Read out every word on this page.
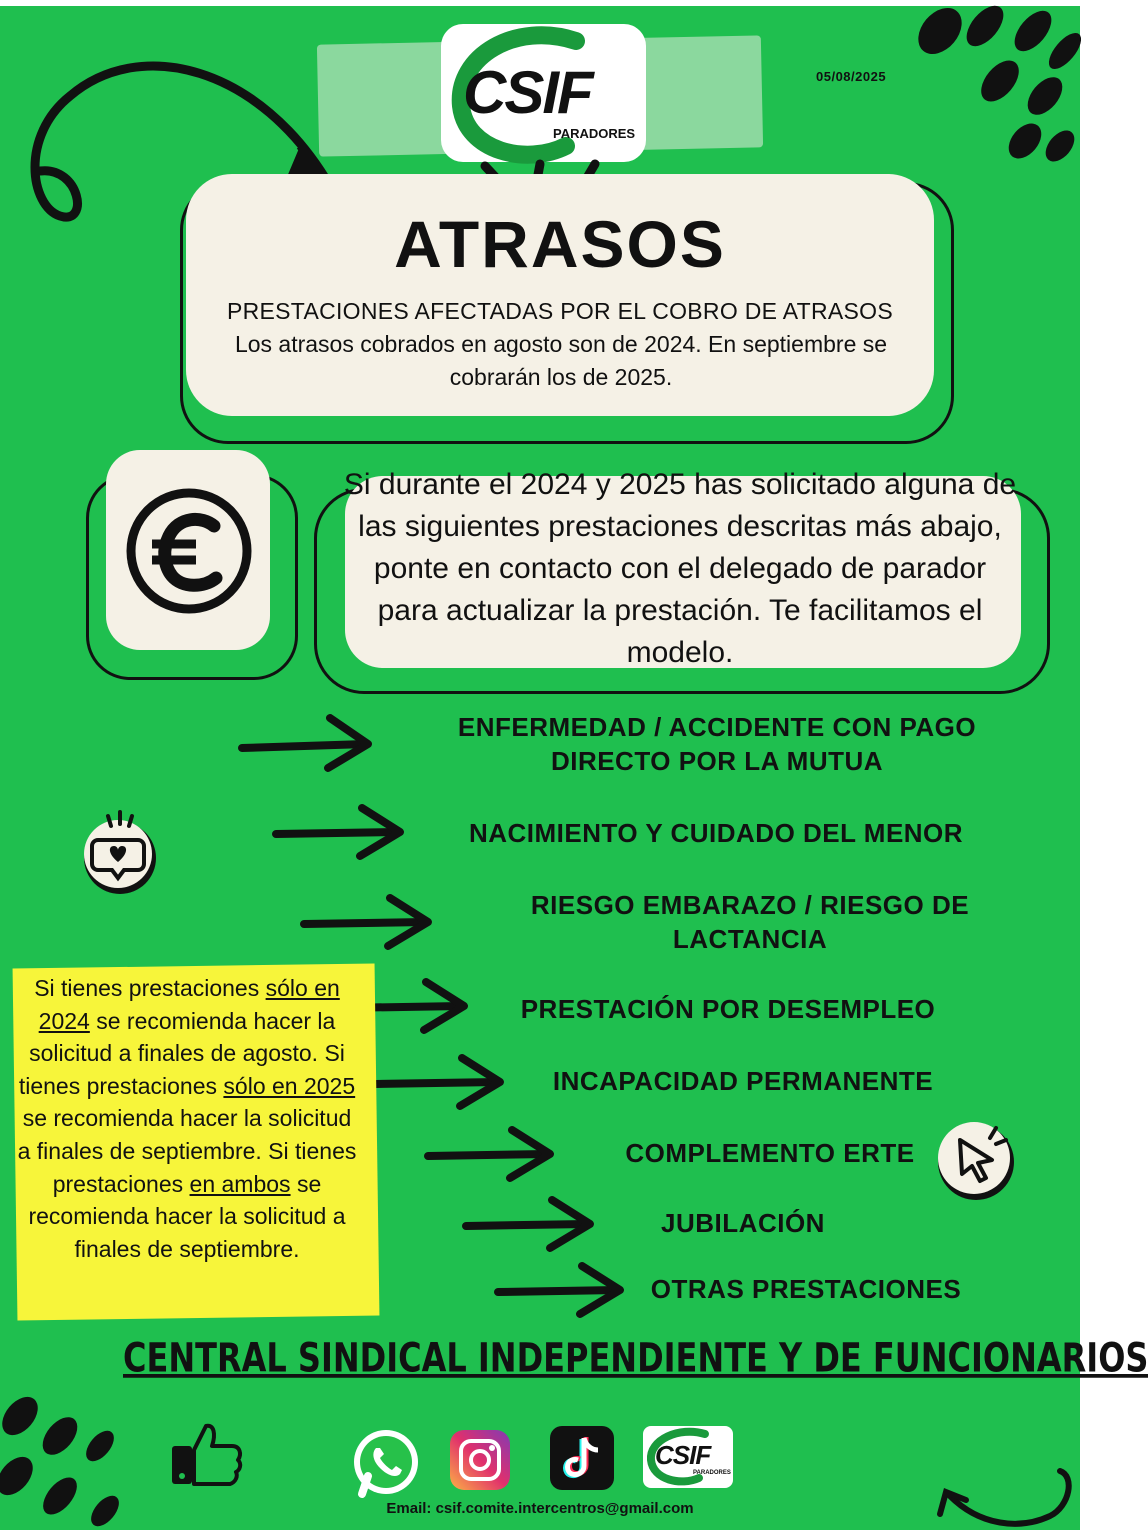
CSIF
PARADORES
05/08/2025
ATRASOS
PRESTACIONES AFECTADAS POR EL COBRO DE ATRASOS
Los atrasos cobrados en agosto son de 2024. En septiembre se cobrarán los de 2025.
Si durante el 2024 y 2025 has solicitado alguna de las siguientes prestaciones descritas más abajo, ponte en contacto con el delegado de parador para actualizar la prestación. Te facilitamos el modelo.
ENFERMEDAD / ACCIDENTE CON PAGO
DIRECTO POR LA MUTUA
NACIMIENTO Y CUIDADO DEL MENOR
RIESGO EMBARAZO / RIESGO DE
LACTANCIA
PRESTACIÓN POR DESEMPLEO
INCAPACIDAD PERMANENTE
COMPLEMENTO ERTE
JUBILACIÓN
OTRAS PRESTACIONES
Si tienes prestaciones sólo en 2024 se recomienda hacer la solicitud a finales de agosto. Si tienes prestaciones sólo en 2025 se recomienda hacer la solicitud a finales de septiembre. Si tienes prestaciones en ambos se recomienda hacer la solicitud a finales de septiembre.
CENTRAL SINDICAL INDEPENDIENTE Y DE FUNCIONARIOS
CSIF
PARADORES
Email: csif.comite.intercentros@gmail.com
